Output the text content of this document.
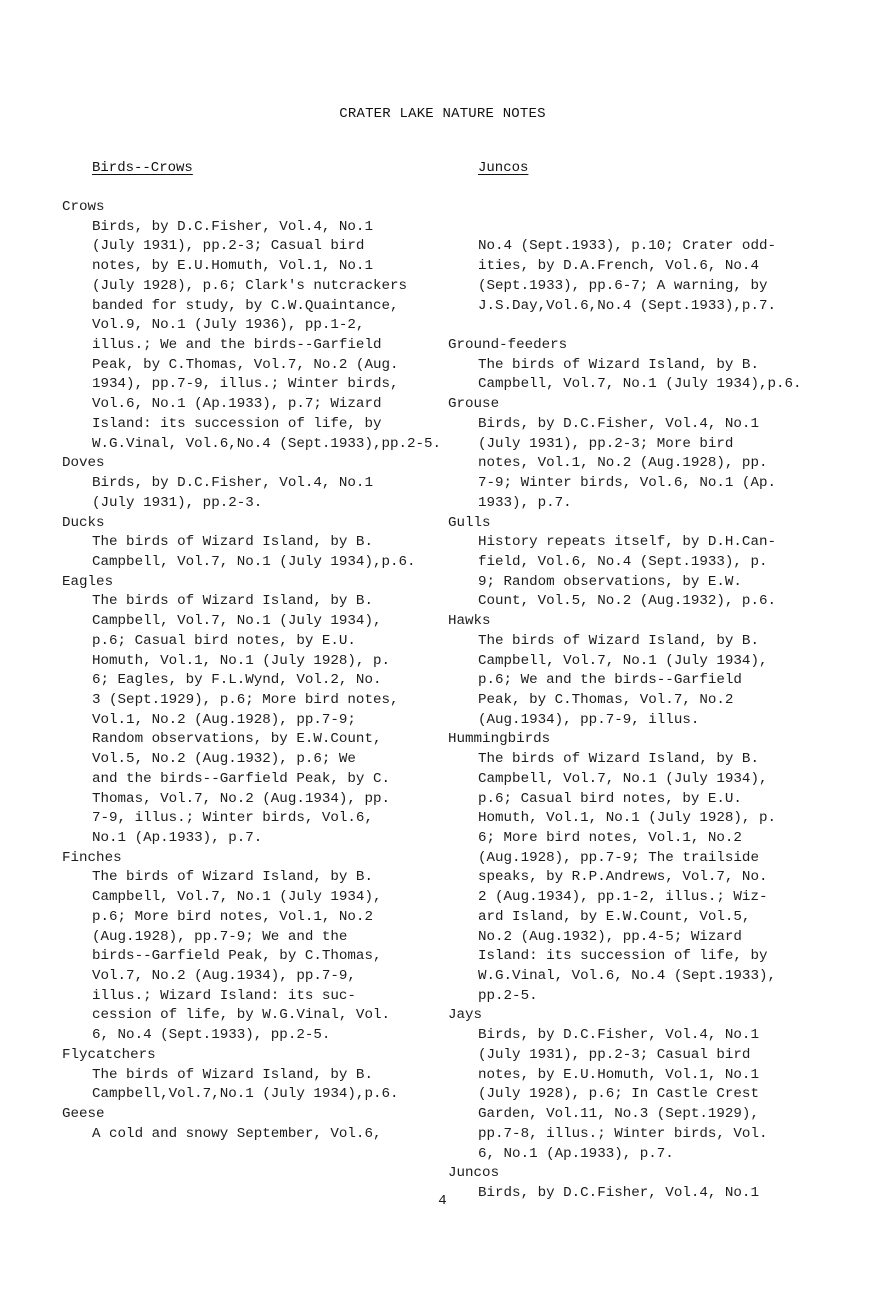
CRATER LAKE NATURE NOTES
Birds--Crows	Juncos
Crows
Birds, by D.C.Fisher, Vol.4, No.1
(July 1931), pp.2-3; Casual bird
notes, by E.U.Homuth, Vol.1, No.1
(July 1928), p.6; Clark's nutcrackers
banded for study, by C.W.Quaintance,
Vol.9, No.1 (July 1936), pp.1-2,
illus.; We and the birds--Garfield
Peak, by C.Thomas, Vol.7, No.2 (Aug.
1934), pp.7-9, illus.; Winter birds,
Vol.6, No.1 (Ap.1933), p.7; Wizard
Island: its succession of life, by
W.G.Vinal, Vol.6,No.4 (Sept.1933),pp.2-5.
Doves
Birds, by D.C.Fisher, Vol.4, No.1
(July 1931), pp.2-3.
Ducks
The birds of Wizard Island, by B.
Campbell, Vol.7, No.1 (July 1934),p.6.
Eagles
The birds of Wizard Island, by B.
Campbell, Vol.7, No.1 (July 1934),
p.6; Casual bird notes, by E.U.
Homuth, Vol.1, No.1 (July 1928), p.
6; Eagles, by F.L.Wynd, Vol.2, No.
3 (Sept.1929), p.6; More bird notes,
Vol.1, No.2 (Aug.1928), pp.7-9;
Random observations, by E.W.Count,
Vol.5, No.2 (Aug.1932), p.6; We
and the birds--Garfield Peak, by C.
Thomas, Vol.7, No.2 (Aug.1934), pp.
7-9, illus.; Winter birds, Vol.6,
No.1 (Ap.1933), p.7.
Finches
The birds of Wizard Island, by B.
Campbell, Vol.7, No.1 (July 1934),
p.6; More bird notes, Vol.1, No.2
(Aug.1928), pp.7-9; We and the
birds--Garfield Peak, by C.Thomas,
Vol.7, No.2 (Aug.1934), pp.7-9,
illus.; Wizard Island: its suc-
cession of life, by W.G.Vinal, Vol.
6, No.4 (Sept.1933), pp.2-5.
Flycatchers
The birds of Wizard Island, by B.
Campbell,Vol.7,No.1 (July 1934),p.6.
Geese
A cold and snowy September, Vol.6,

No.4 (Sept.1933), p.10; Crater odd-
ities, by D.A.French, Vol.6, No.4
(Sept.1933), pp.6-7; A warning, by
J.S.Day,Vol.6,No.4 (Sept.1933),p.7.

Ground-feeders
The birds of Wizard Island, by B.
Campbell, Vol.7, No.1 (July 1934),p.6.
Grouse
Birds, by D.C.Fisher, Vol.4, No.1
(July 1931), pp.2-3; More bird
notes, Vol.1, No.2 (Aug.1928), pp.
7-9; Winter birds, Vol.6, No.1 (Ap.
1933), p.7.
Gulls
History repeats itself, by D.H.Can-
field, Vol.6, No.4 (Sept.1933), p.
9; Random observations, by E.W.
Count, Vol.5, No.2 (Aug.1932), p.6.
Hawks
The birds of Wizard Island, by B.
Campbell, Vol.7, No.1 (July 1934),
p.6; We and the birds--Garfield
Peak, by C.Thomas, Vol.7, No.2
(Aug.1934), pp.7-9, illus.
Hummingbirds
The birds of Wizard Island, by B.
Campbell, Vol.7, No.1 (July 1934),
p.6; Casual bird notes, by E.U.
Homuth, Vol.1, No.1 (July 1928), p.
6; More bird notes, Vol.1, No.2
(Aug.1928), pp.7-9; The trailside
speaks, by R.P.Andrews, Vol.7, No.
2 (Aug.1934), pp.1-2, illus.; Wiz-
ard Island, by E.W.Count, Vol.5,
No.2 (Aug.1932), pp.4-5; Wizard
Island: its succession of life, by
W.G.Vinal, Vol.6, No.4 (Sept.1933),
pp.2-5.
Jays
Birds, by D.C.Fisher, Vol.4, No.1
(July 1931), pp.2-3; Casual bird
notes, by E.U.Homuth, Vol.1, No.1
(July 1928), p.6; In Castle Crest
Garden, Vol.11, No.3 (Sept.1929),
pp.7-8, illus.; Winter birds, Vol.
6, No.1 (Ap.1933), p.7.
Juncos
Birds, by D.C.Fisher, Vol.4, No.1
4
